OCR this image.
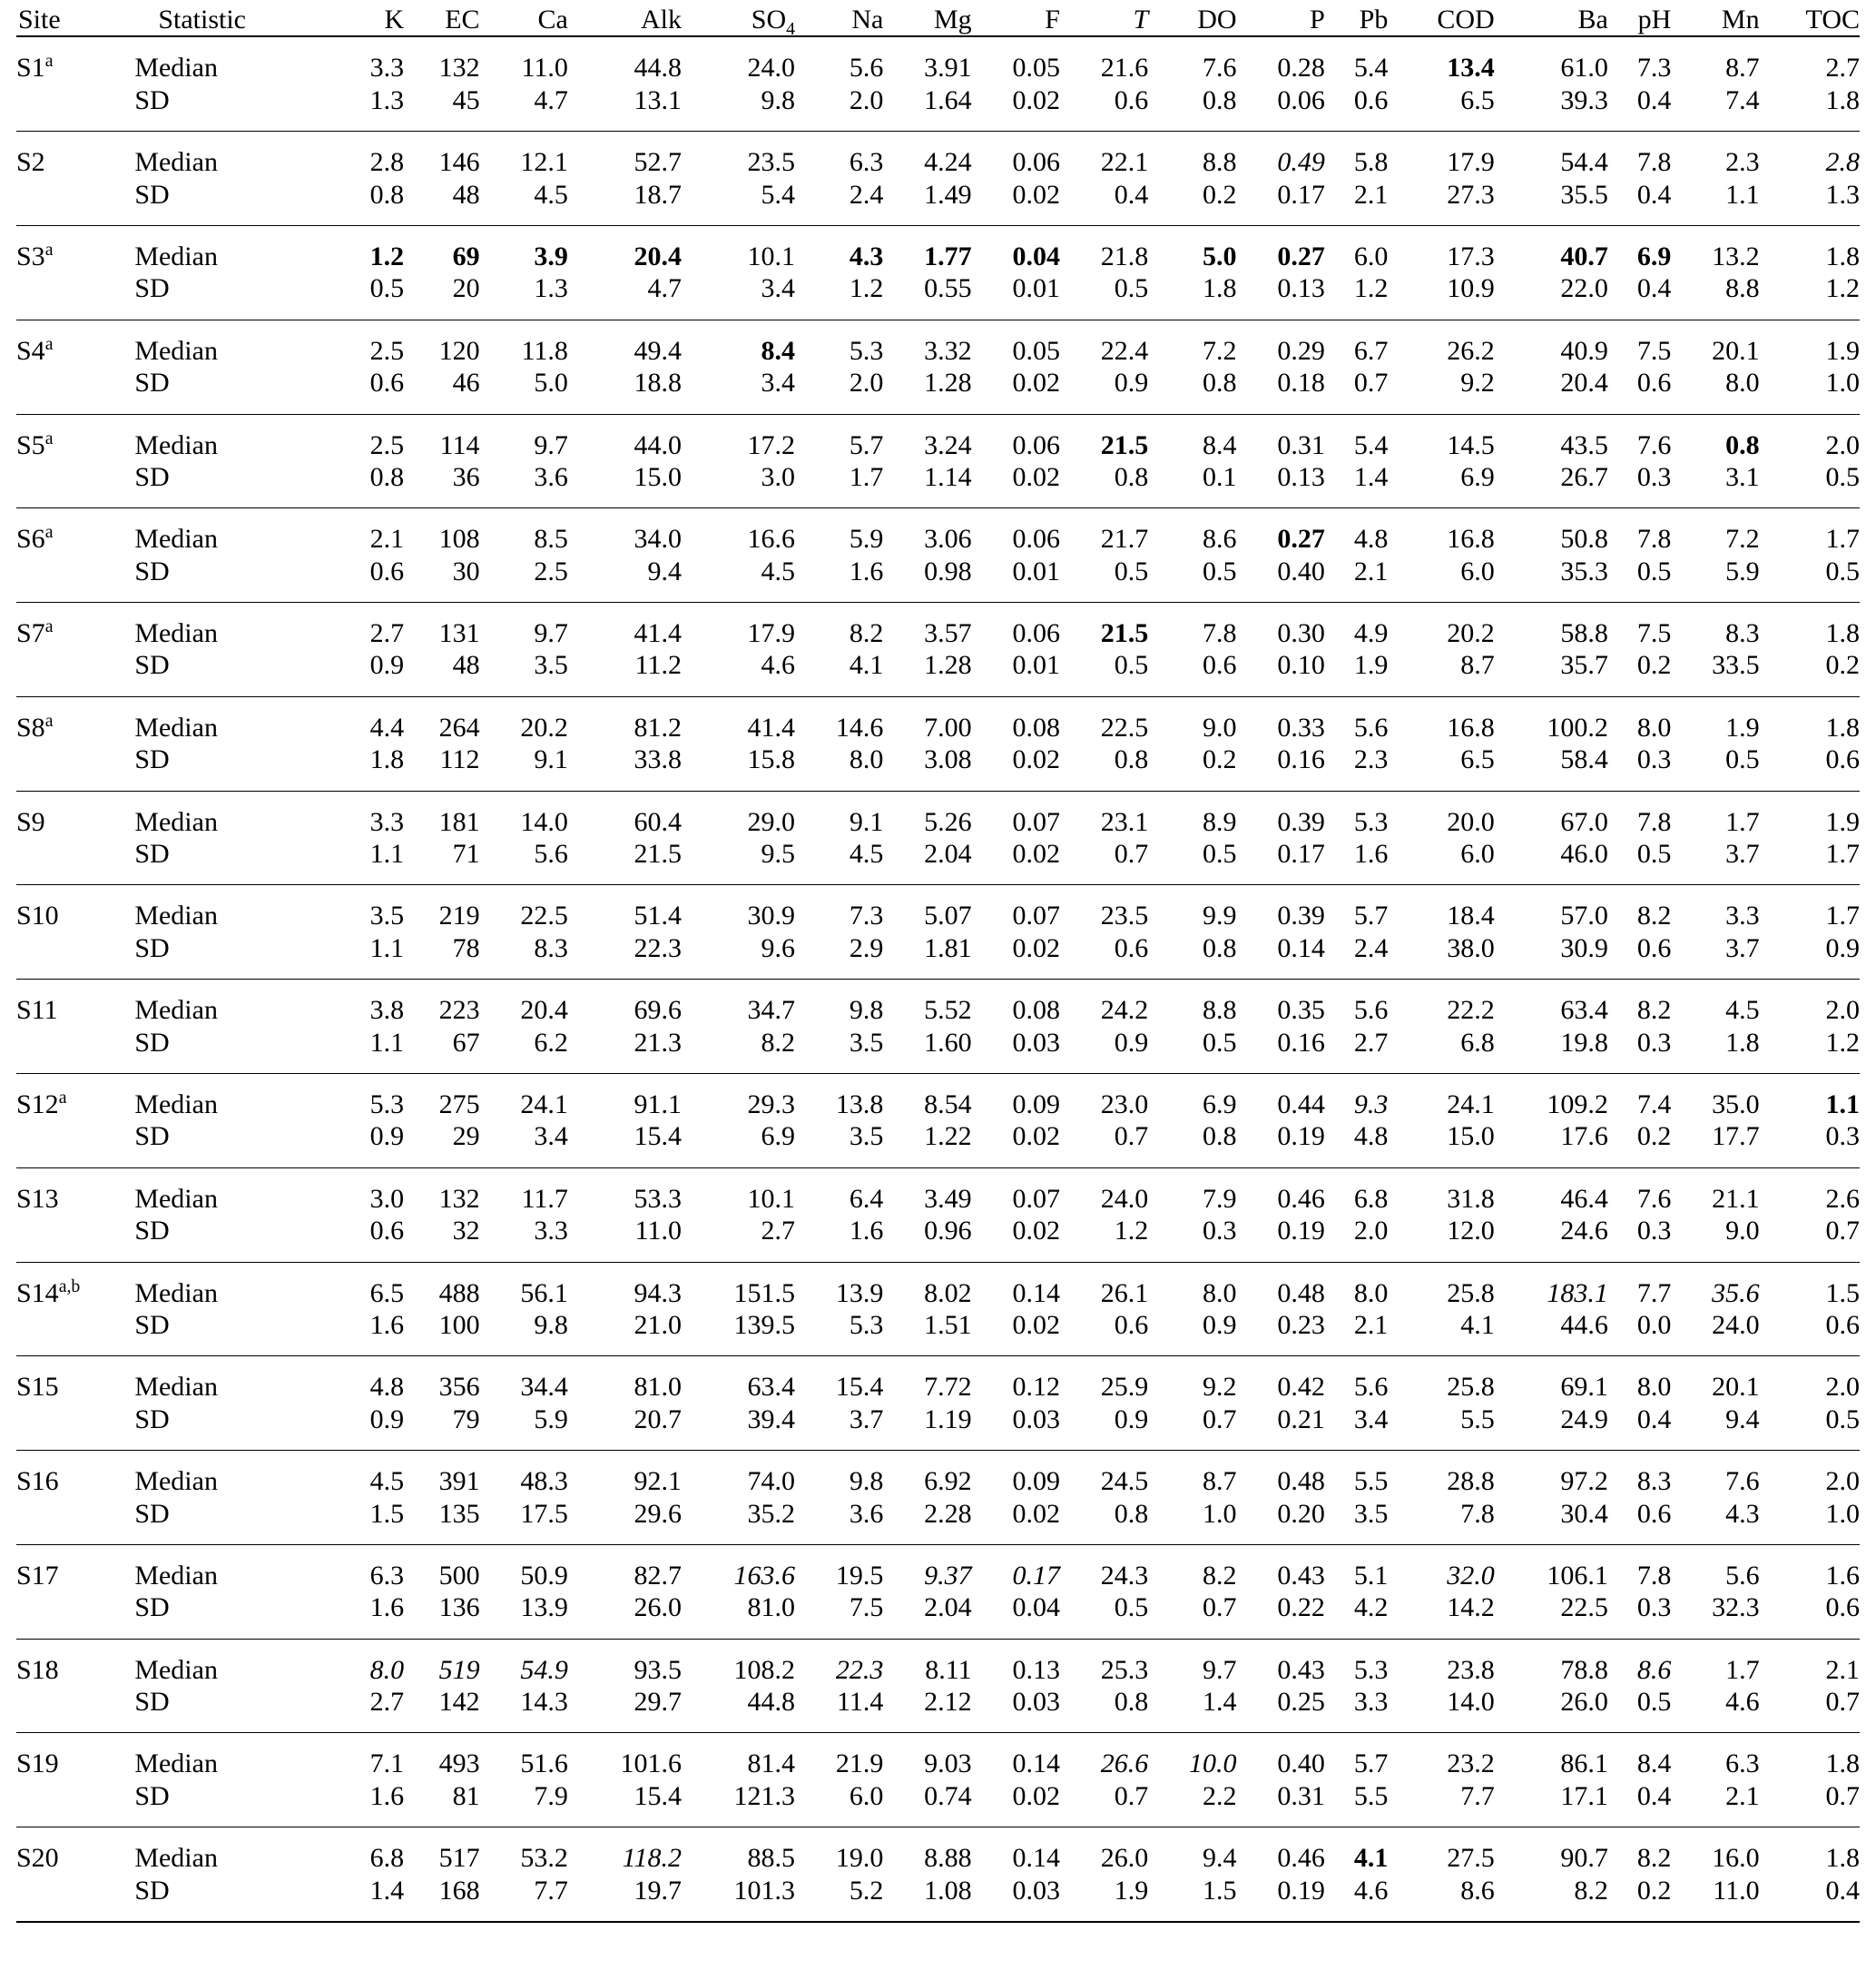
Site	Statistic	K	EC	Ca	Alk	$SO_4$	Na	Mg	F	T	DO	P	Pb	COD	Ba	pH	Mn	TOC
S1$^a$	Median	3.3	132	11.0	44.8	24.0	5.6	3.91	0.05	21.6	7.6	0.28	5.4	13.4	61.0	7.3	8.7	2.7
	SD	1.3	45	4.7	13.1	9.8	2.0	1.64	0.02	0.6	0.8	0.06	0.6	6.5	39.3	0.4	7.4	1.8
S2	Median	2.8	146	12.1	52.7	23.5	6.3	4.24	0.06	22.1	8.8	0.49	5.8	17.9	54.4	7.8	2.3	2.8
	SD	0.8	48	4.5	18.7	5.4	2.4	1.49	0.02	0.4	0.2	0.17	2.1	27.3	35.5	0.4	1.1	1.3
S3$^a$	Median	1.2	69	3.9	20.4	10.1	4.3	1.77	0.04	21.8	5.0	0.27	6.0	17.3	40.7	6.9	13.2	1.8
	SD	0.5	20	1.3	4.7	3.4	1.2	0.55	0.01	0.5	1.8	0.13	1.2	10.9	22.0	0.4	8.8	1.2
S4$^a$	Median	2.5	120	11.8	49.4	8.4	5.3	3.32	0.05	22.4	7.2	0.29	6.7	26.2	40.9	7.5	20.1	1.9
	SD	0.6	46	5.0	18.8	3.4	2.0	1.28	0.02	0.9	0.8	0.18	0.7	9.2	20.4	0.6	8.0	1.0
S5$^a$	Median	2.5	114	9.7	44.0	17.2	5.7	3.24	0.06	21.5	8.4	0.31	5.4	14.5	43.5	7.6	0.8	2.0
	SD	0.8	36	3.6	15.0	3.0	1.7	1.14	0.02	0.8	0.1	0.13	1.4	6.9	26.7	0.3	3.1	0.5
S6$^a$	Median	2.1	108	8.5	34.0	16.6	5.9	3.06	0.06	21.7	8.6	0.27	4.8	16.8	50.8	7.8	7.2	1.7
	SD	0.6	30	2.5	9.4	4.5	1.6	0.98	0.01	0.5	0.5	0.40	2.1	6.0	35.3	0.5	5.9	0.5
S7$^a$	Median	2.7	131	9.7	41.4	17.9	8.2	3.57	0.06	21.5	7.8	0.30	4.9	20.2	58.8	7.5	8.3	1.8
	SD	0.9	48	3.5	11.2	4.6	4.1	1.28	0.01	0.5	0.6	0.10	1.9	8.7	35.7	0.2	33.5	0.2
S8$^a$	Median	4.4	264	20.2	81.2	41.4	14.6	7.00	0.08	22.5	9.0	0.33	5.6	16.8	100.2	8.0	1.9	1.8
	SD	1.8	112	9.1	33.8	15.8	8.0	3.08	0.02	0.8	0.2	0.16	2.3	6.5	58.4	0.3	0.5	0.6
S9	Median	3.3	181	14.0	60.4	29.0	9.1	5.26	0.07	23.1	8.9	0.39	5.3	20.0	67.0	7.8	1.7	1.9
	SD	1.1	71	5.6	21.5	9.5	4.5	2.04	0.02	0.7	0.5	0.17	1.6	6.0	46.0	0.5	3.7	1.7
S10	Median	3.5	219	22.5	51.4	30.9	7.3	5.07	0.07	23.5	9.9	0.39	5.7	18.4	57.0	8.2	3.3	1.7
	SD	1.1	78	8.3	22.3	9.6	2.9	1.81	0.02	0.6	0.8	0.14	2.4	38.0	30.9	0.6	3.7	0.9
S11	Median	3.8	223	20.4	69.6	34.7	9.8	5.52	0.08	24.2	8.8	0.35	5.6	22.2	63.4	8.2	4.5	2.0
	SD	1.1	67	6.2	21.3	8.2	3.5	1.60	0.03	0.9	0.5	0.16	2.7	6.8	19.8	0.3	1.8	1.2
S12$^a$	Median	5.3	275	24.1	91.1	29.3	13.8	8.54	0.09	23.0	6.9	0.44	9.3	24.1	109.2	7.4	35.0	1.1
	SD	0.9	29	3.4	15.4	6.9	3.5	1.22	0.02	0.7	0.8	0.19	4.8	15.0	17.6	0.2	17.7	0.3
S13	Median	3.0	132	11.7	53.3	10.1	6.4	3.49	0.07	24.0	7.9	0.46	6.8	31.8	46.4	7.6	21.1	2.6
	SD	0.6	32	3.3	11.0	2.7	1.6	0.96	0.02	1.2	0.3	0.19	2.0	12.0	24.6	0.3	9.0	0.7
S14$^{a,b}$	Median	6.5	488	56.1	94.3	151.5	13.9	8.02	0.14	26.1	8.0	0.48	8.0	25.8	183.1	7.7	35.6	1.5
	SD	1.6	100	9.8	21.0	139.5	5.3	1.51	0.02	0.6	0.9	0.23	2.1	4.1	44.6	0.0	24.0	0.6
S15	Median	4.8	356	34.4	81.0	63.4	15.4	7.72	0.12	25.9	9.2	0.42	5.6	25.8	69.1	8.0	20.1	2.0
	SD	0.9	79	5.9	20.7	39.4	3.7	1.19	0.03	0.9	0.7	0.21	3.4	5.5	24.9	0.4	9.4	0.5
S16	Median	4.5	391	48.3	92.1	74.0	9.8	6.92	0.09	24.5	8.7	0.48	5.5	28.8	97.2	8.3	7.6	2.0
	SD	1.5	135	17.5	29.6	35.2	3.6	2.28	0.02	0.8	1.0	0.20	3.5	7.8	30.4	0.6	4.3	1.0
S17	Median	6.3	500	50.9	82.7	163.6	19.5	9.37	0.17	24.3	8.2	0.43	5.1	32.0	106.1	7.8	5.6	1.6
	SD	1.6	136	13.9	26.0	81.0	7.5	2.04	0.04	0.5	0.7	0.22	4.2	14.2	22.5	0.3	32.3	0.6
S18	Median	8.0	519	54.9	93.5	108.2	22.3	8.11	0.13	25.3	9.7	0.43	5.3	23.8	78.8	8.6	1.7	2.1
	SD	2.7	142	14.3	29.7	44.8	11.4	2.12	0.03	0.8	1.4	0.25	3.3	14.0	26.0	0.5	4.6	0.7
S19	Median	7.1	493	51.6	101.6	81.4	21.9	9.03	0.14	26.6	10.0	0.40	5.7	23.2	86.1	8.4	6.3	1.8
	SD	1.6	81	7.9	15.4	121.3	6.0	0.74	0.02	0.7	2.2	0.31	5.5	7.7	17.1	0.4	2.1	0.7
S20	Median	6.8	517	53.2	118.2	88.5	19.0	8.88	0.14	26.0	9.4	0.46	4.1	27.5	90.7	8.2	16.0	1.8
	SD	1.4	168	7.7	19.7	101.3	5.2	1.08	0.03	1.9	1.5	0.19	4.6	8.6	8.2	0.2	11.0	0.4
